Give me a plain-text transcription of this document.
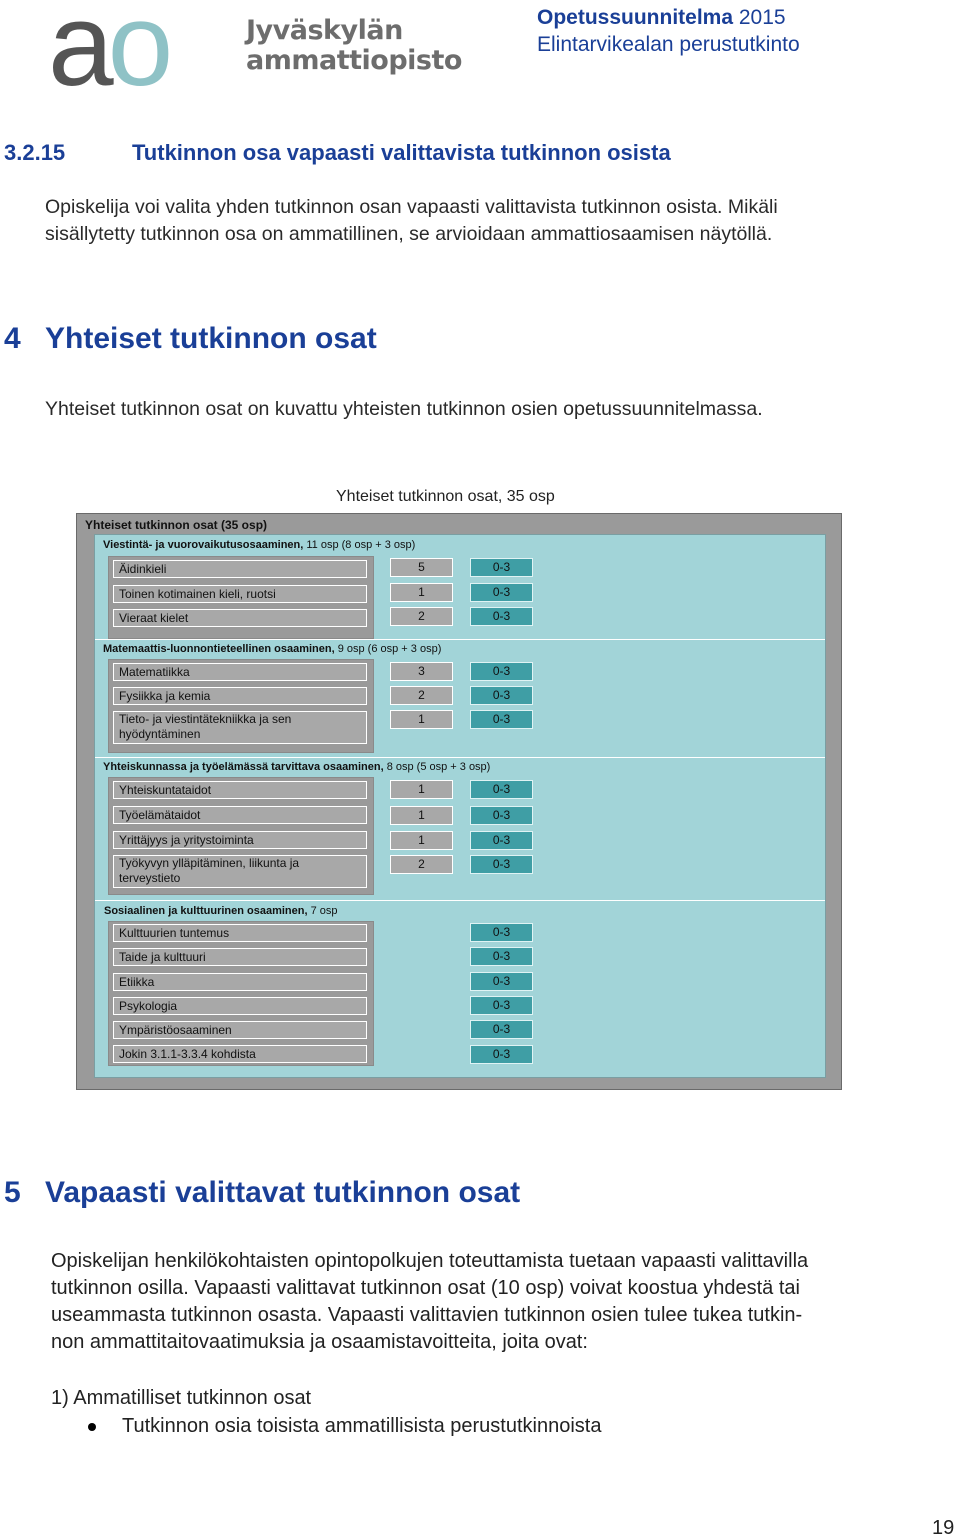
ao	Jyväskylän
ammattiopisto
Opetussuunnitelma 2015
Elintarvikealan perustutkinto
3.2.15	Tutkinnon osa vapaasti valittavista tutkinnon osista
Opiskelija voi valita yhden tutkinnon osan vapaasti valittavista tutkinnon osista. Mikäli
sisällytetty tutkinnon osa on ammatillinen, se arvioidaan ammattiosaamisen näytöllä.
4 Yhteiset tutkinnon osat
Yhteiset tutkinnon osat on kuvattu yhteisten tutkinnon osien opetussuunnitelmassa.
Yhteiset tutkinnon osat, 35 osp
Yhteiset tutkinnon osat (35 osp)
Viestintä- ja vuorovaikutusosaaminen, 11 osp (8 osp + 3 osp)
Äidinkieli
Toinen kotimainen kieli, ruotsi
Vieraat kielet
5
1
2
0-3
0-3
0-3
Matemaattis-luonnontieteellinen osaaminen, 9 osp (6 osp + 3 osp)
Matematiikka
Fysiikka ja kemia
Tieto- ja viestintätekniikka ja sen
hyödyntäminen
3
2
1
0-3
0-3
0-3
Yhteiskunnassa ja työelämässä tarvittava osaaminen, 8 osp (5 osp + 3 osp)
Yhteiskuntataidot
Työelämätaidot
Yrittäjyys ja yritystoiminta
Työkyvyn ylläpitäminen, liikunta ja
terveystieto
1
1
1
2
0-3
0-3
0-3
0-3
Sosiaalinen ja kulttuurinen osaaminen, 7 osp
Kulttuurien tuntemus
Taide ja kulttuuri
Etiikka
Psykologia
Ympäristöosaaminen
Jokin 3.1.1-3.3.4 kohdista
0-3
0-3
0-3
0-3
0-3
0-3
5 Vapaasti valittavat tutkinnon osat
Opiskelijan henkilökohtaisten opintopolkujen toteuttamista tuetaan vapaasti valittavilla
tutkinnon osilla. Vapaasti valittavat tutkinnon osat (10 osp) voivat koostua yhdestä tai
useammasta tutkinnon osasta. Vapaasti valittavien tutkinnon osien tulee tukea tutkin-
non ammattitaitovaatimuksia ja osaamistavoitteita, joita ovat:
1) Ammatilliset tutkinnon osat
Tutkinnon osia toisista ammatillisista perustutkinnoista
19
